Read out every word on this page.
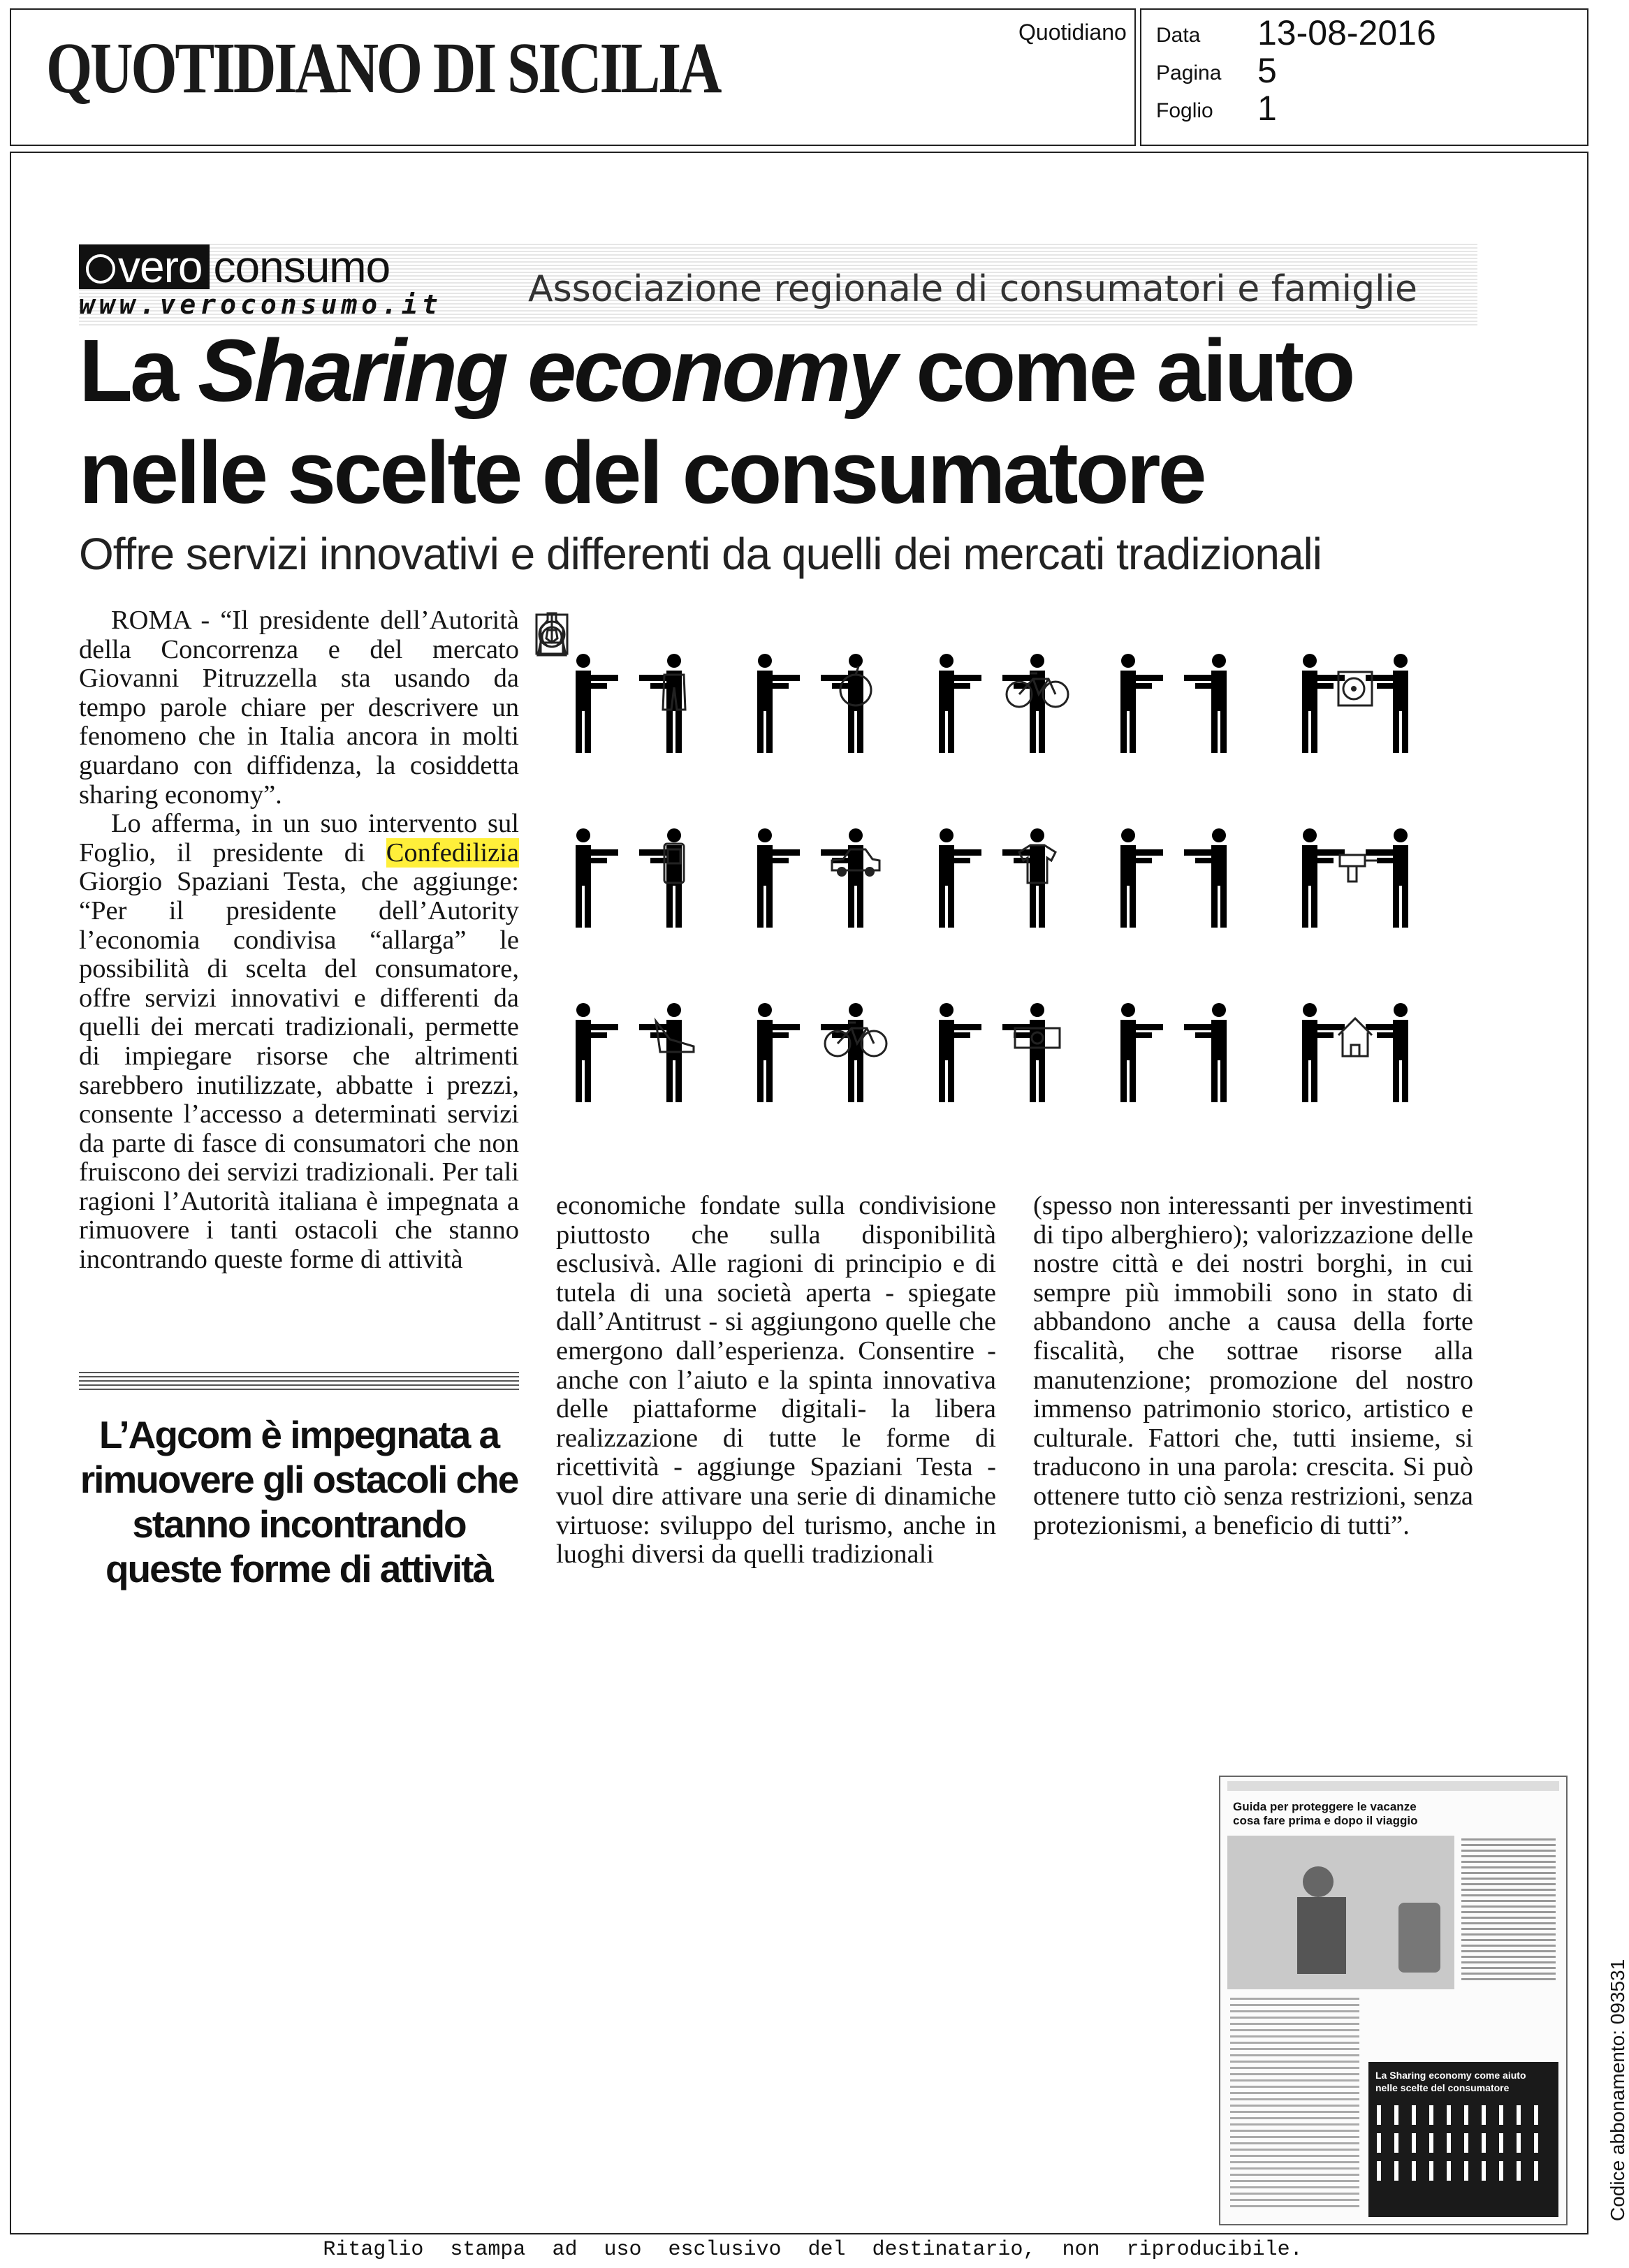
QUOTIDIANO DI SICILIA	Quotidiano Data 13-08-2016
Pagina 5
Foglio 1
vero consumo
www.veroconsumo.it Associazione regionale di consumatori e famiglie
La Sharing economy come aiuto
nelle scelte del consumatore
Offre servizi innovativi e differenti da quelli dei mercati tradizionali

ROMA - “Il presidente dell’Autorità della Concorrenza e del mercato Giovanni Pitruzzella sta usando da tempo parole chiare per descrivere un fenomeno che in Italia ancora in molti guardano con diffidenza, la cosiddetta sharing economy”.

Lo afferma, in un suo intervento sul Foglio, il presidente di Confedilizia Giorgio Spaziani Testa, che aggiunge: “Per il presidente dell’Autority l’economia condivisa “allarga” le possibilità di scelta del consumatore, offre servizi innovativi e differenti da quelli dei mercati tradizionali, permette di impiegare risorse che altrimenti sarebbero inutilizzate, abbatte i prezzi, consente l’accesso a determinati servizi da parte di fasce di consumatori che non fruiscono dei servizi tradizionali. Per tali ragioni l’Autorità italiana è impegnata a rimuovere i tanti ostacoli che stanno incontrando queste forme di attività

L’Agcom è impegnata a rimuovere gli ostacoli che stanno incontrando queste forme di attività

economiche fondate sulla condivisione piuttosto che sulla disponibilità esclusivà. Alle ragioni di principio e di tutela di una società aperta - spiegate dall’Antitrust - si aggiungono quelle che emergono dall’esperienza. Consentire - anche con l’aiuto e la spinta innovativa delle piattaforme digitali- la libera realizzazione di tutte le forme di ricettività - aggiunge Spaziani Testa - vuol dire attivare una serie di dinamiche virtuose: sviluppo del turismo, anche in luoghi diversi da quelli tradizionali

(spesso non interessanti per investimenti di tipo alberghiero); valorizzazione delle nostre città e dei nostri borghi, in cui sempre più immobili sono in stato di abbandono anche a causa della forte fiscalità, che sottrae risorse alla manutenzione; promozione del nostro immenso patrimonio storico, artistico e culturale. Fattori che, tutti insieme, si traducono in una parola: crescita. Si può ottenere tutto ciò senza restrizioni, senza protezionismi, a beneficio di tutti”.

Guida per proteggere le vacanze
cosa fare prima e dopo il viaggio
La Sharing economy come aiuto
nelle scelte del consumatore	Codice abbonamento: 093531
Ritaglio stampa ad uso esclusivo del destinatario, non riproducibile.
